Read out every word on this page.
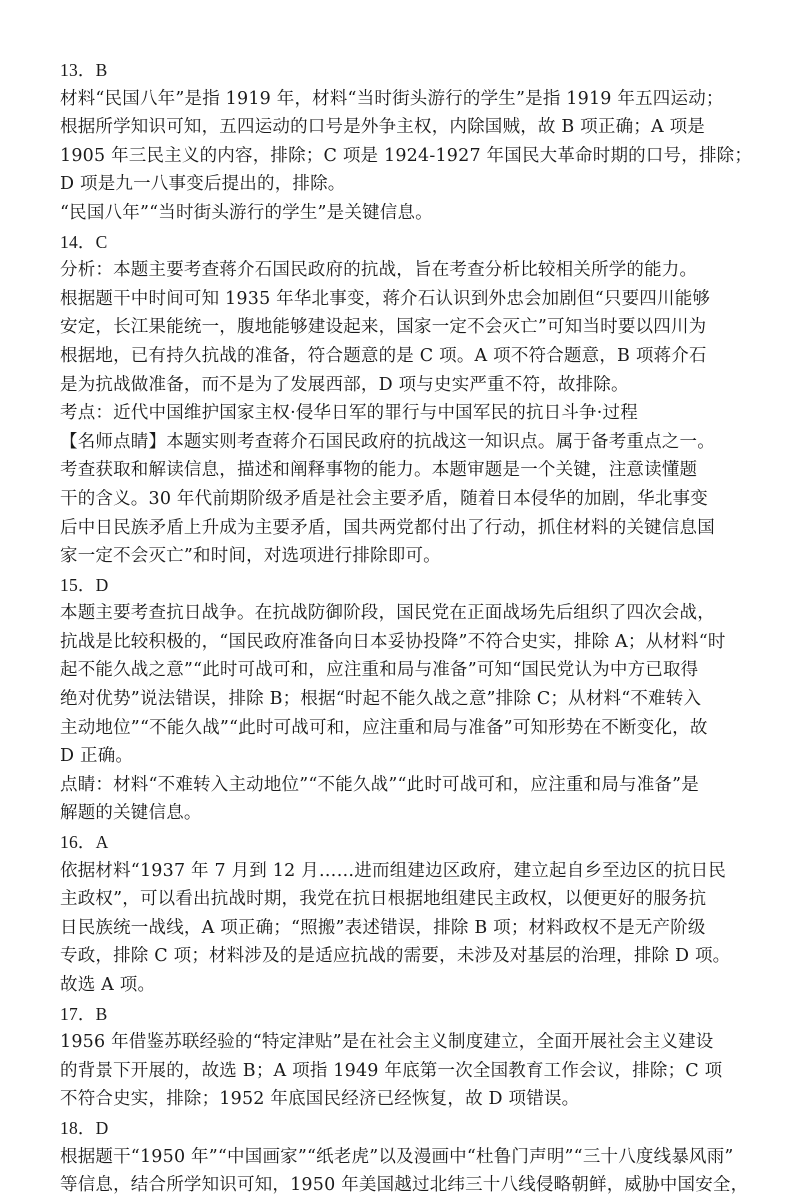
13．B
材料“民国八年”是指 1919 年，材料“当时街头游行的学生”是指 1919 年五四运动；
根据所学知识可知，五四运动的口号是外争主权，内除国贼，故 B 项正确；A 项是
1905 年三民主义的内容，排除；C 项是 1924-1927 年国民大革命时期的口号，排除；
D 项是九一八事变后提出的，排除。
“民国八年”“当时街头游行的学生”是关键信息。
14．C
分析：本题主要考查蒋介石国民政府的抗战，旨在考查分析比较相关所学的能力。
根据题干中时间可知 1935 年华北事变，蒋介石认识到外忠会加剧但“只要四川能够
安定，长江果能统一，腹地能够建设起来，国家一定不会灭亡”可知当时要以四川为
根据地，已有持久抗战的准备，符合题意的是 C 项。A 项不符合题意，B 项蒋介石
是为抗战做准备，而不是为了发展西部，D 项与史实严重不符，故排除。
考点：近代中国维护国家主权·侵华日军的罪行与中国军民的抗日斗争·过程
【名师点睛】本题实则考查蒋介石国民政府的抗战这一知识点。属于备考重点之一。
考查获取和解读信息，描述和阐释事物的能力。本题审题是一个关键，注意读懂题
干的含义。30 年代前期阶级矛盾是社会主要矛盾，随着日本侵华的加剧，华北事变
后中日民族矛盾上升成为主要矛盾，国共两党都付出了行动，抓住材料的关键信息国
家一定不会灭亡”和时间，对选项进行排除即可。
15．D
本题主要考查抗日战争。在抗战防御阶段，国民党在正面战场先后组织了四次会战，
抗战是比较积极的，“国民政府准备向日本妥协投降”不符合史实，排除 A；从材料“时
起不能久战之意”“此时可战可和，应注重和局与准备”可知“国民党认为中方已取得
绝对优势”说法错误，排除 B；根据“时起不能久战之意”排除 C；从材料“不难转入
主动地位”“不能久战”“此时可战可和，应注重和局与准备”可知形势在不断变化，故
D 正确。
点睛：材料“不难转入主动地位”“不能久战”“此时可战可和，应注重和局与准备”是
解题的关键信息。
16．A
依据材料“1937 年 7 月到 12 月……进而组建边区政府，建立起自乡至边区的抗日民
主政权”，可以看出抗战时期，我党在抗日根据地组建民主政权，以便更好的服务抗
日民族统一战线，A 项正确；“照搬”表述错误，排除 B 项；材料政权不是无产阶级
专政，排除 C 项；材料涉及的是适应抗战的需要，未涉及对基层的治理，排除 D 项。
故选 A 项。
17．B
1956 年借鉴苏联经验的“特定津贴”是在社会主义制度建立，全面开展社会主义建设
的背景下开展的，故选 B；A 项指 1949 年底第一次全国教育工作会议，排除；C 项
不符合史实，排除；1952 年底国民经济已经恢复，故 D 项错误。
18．D
根据题干“1950 年”“中国画家”“纸老虎”以及漫画中“杜鲁门声明”“三十八度线暴风雨”
等信息，结合所学知识可知，1950 年美国越过北纬三十八线侵略朝鲜，威胁中国安全，
